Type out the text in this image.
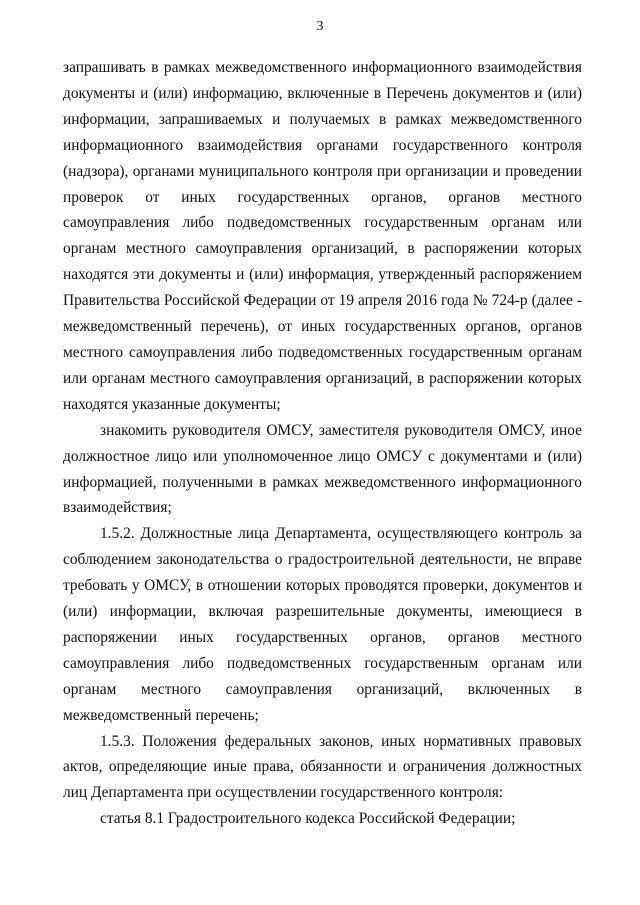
3

запрашивать в рамках межведомственного информационного взаимодействия документы и (или) информацию, включенные в Перечень документов и (или) информации, запрашиваемых и получаемых в рамках межведомственного информационного взаимодействия органами государственного контроля (надзора), органами муниципального контроля при организации и проведении проверок от иных государственных органов, органов местного самоуправления либо подведомственных государственным органам или органам местного самоуправления организаций, в распоряжении которых находятся эти документы и (или) информация, утвержденный распоряжением Правительства Российской Федерации от 19 апреля 2016 года № 724-р (далее - межведомственный перечень), от иных государственных органов, органов местного самоуправления либо подведомственных государственным органам или органам местного самоуправления организаций, в распоряжении которых находятся указанные документы;

знакомить руководителя ОМСУ, заместителя руководителя ОМСУ, иное должностное лицо или уполномоченное лицо ОМСУ с документами и (или) информацией, полученными в рамках межведомственного информационного взаимодействия;

1.5.2. Должностные лица Департамента, осуществляющего контроль за соблюдением законодательства о градостроительной деятельности, не вправе требовать у ОМСУ, в отношении которых проводятся проверки, документов и (или) информации, включая разрешительные документы, имеющиеся в распоряжении иных государственных органов, органов местного самоуправления либо подведомственных государственным органам или органам местного самоуправления организаций, включенных в межведомственный перечень;

1.5.3. Положения федеральных законов, иных нормативных правовых актов, определяющие иные права, обязанности и ограничения должностных лиц Департамента при осуществлении государственного контроля:

статья 8.1 Градостроительного кодекса Российской Федерации;
